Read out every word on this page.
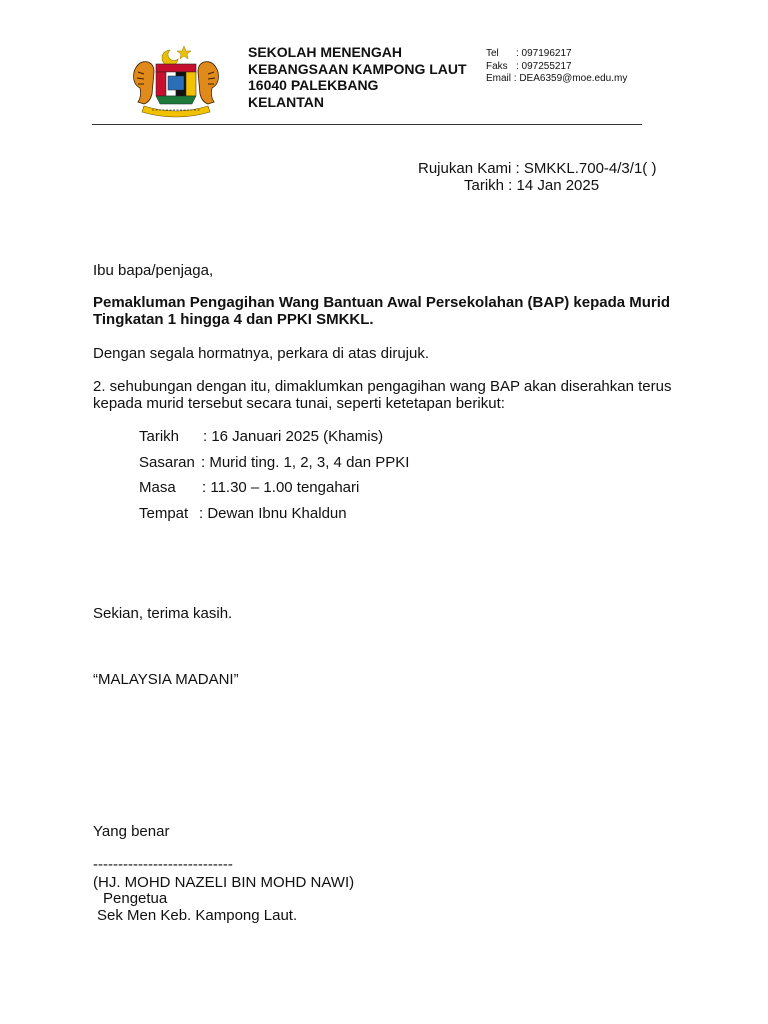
SEKOLAH MENENGAH
KEBANGSAAN KAMPONG LAUT
16040 PALEKBANG
KELANTAN
Tel : 097196217
Faks : 097255217
Email : DEA6359@moe.edu.my
Rujukan Kami : SMKKL.700-4/3/1( )
Tarikh : 14 Jan 2025
Ibu bapa/penjaga,
Pemakluman Pengagihan Wang Bantuan Awal Persekolahan (BAP) kepada Murid Tingkatan 1 hingga 4 dan PPKI SMKKL.
Dengan segala hormatnya, perkara di atas dirujuk.
2. sehubungan dengan itu, dimaklumkan pengagihan wang BAP akan diserahkan terus kepada murid tersebut secara tunai, seperti ketetapan berikut:
Tarikh : 16 Januari 2025 (Khamis)
Sasaran : Murid ting. 1, 2, 3, 4 dan PPKI
Masa : 11.30 – 1.00 tengahari
Tempat : Dewan Ibnu Khaldun
Sekian, terima kasih.
“MALAYSIA MADANI”
Yang benar
----------------------------
(HJ. MOHD NAZELI BIN MOHD NAWI)
Pengetua
Sek Men Keb. Kampong Laut.
